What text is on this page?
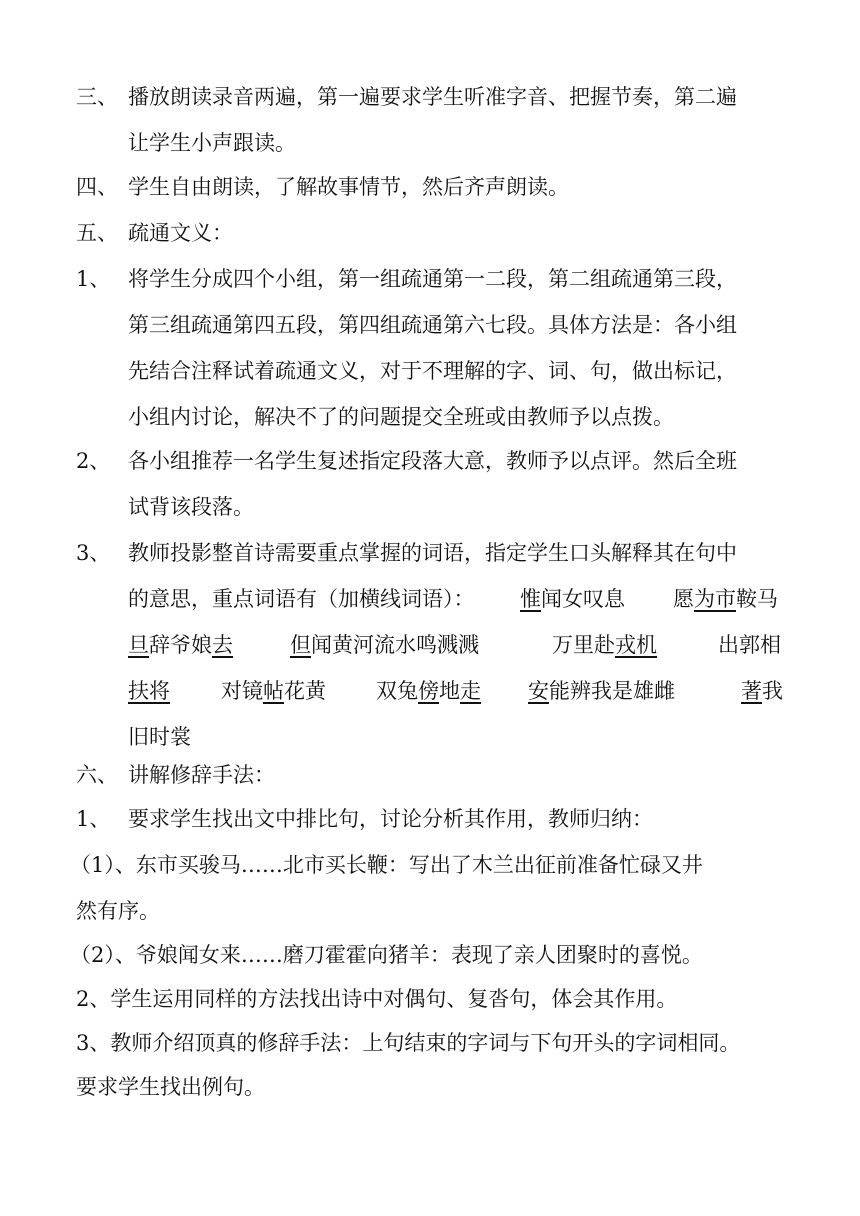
三、 播放朗读录音两遍，第一遍要求学生听准字音、把握节奏，第二遍
让学生小声跟读。
四、 学生自由朗读，了解故事情节，然后齐声朗读。
五、 疏通文义：
1、 将学生分成四个小组，第一组疏通第一二段，第二组疏通第三段，
第三组疏通第四五段，第四组疏通第六七段。具体方法是：各小组
先结合注释试着疏通文义，对于不理解的字、词、句，做出标记，
小组内讨论，解决不了的问题提交全班或由教师予以点拨。
2、 各小组推荐一名学生复述指定段落大意，教师予以点评。然后全班
试背该段落。
3、 教师投影整首诗需要重点掌握的词语，指定学生口头解释其在句中
的意思，重点词语有（加横线词语）： 惟闻女叹息 愿为市鞍马
旦辞爷娘去	但闻黄河流水鸣溅溅	万里赴戎机	出郭相
扶将 对镜帖花黄 双兔傍地走 安能辨我是雄雌	著我
旧时裳
六、 讲解修辞手法：
1、 要求学生找出文中排比句，讨论分析其作用，教师归纳：
（1）、东市买骏马……北市买长鞭：写出了木兰出征前准备忙碌又井
然有序。
（2）、爷娘闻女来……磨刀霍霍向猪羊：表现了亲人团聚时的喜悦。
2、学生运用同样的方法找出诗中对偶句、复沓句，体会其作用。
3、教师介绍顶真的修辞手法：上句结束的字词与下句开头的字词相同。
要求学生找出例句。
